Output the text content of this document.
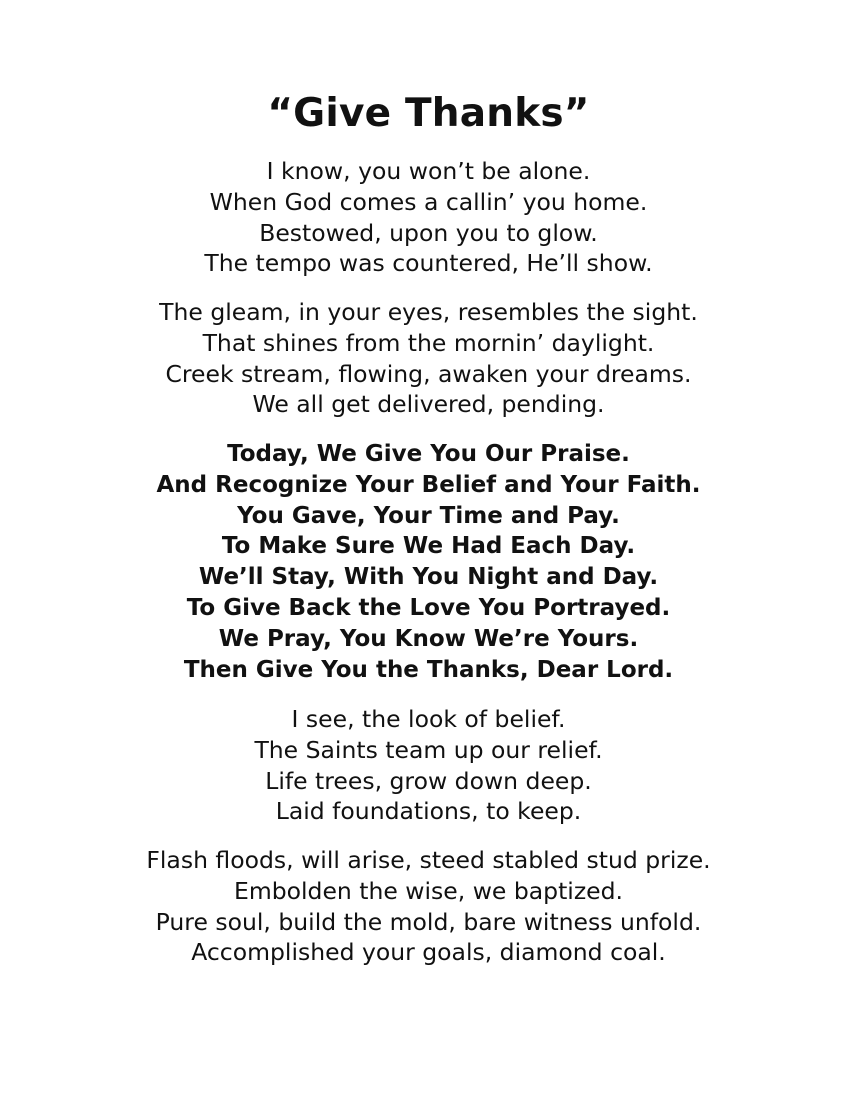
“Give Thanks”
I know, you won’t be alone.
When God comes a callin’ you home.
Bestowed, upon you to glow.
The tempo was countered, He’ll show.
The gleam, in your eyes, resembles the sight.
That shines from the mornin’ daylight.
Creek stream, flowing, awaken your dreams.
We all get delivered, pending.
Today, We Give You Our Praise.
And Recognize Your Belief and Your Faith.
You Gave, Your Time and Pay.
To Make Sure We Had Each Day.
We’ll Stay, With You Night and Day.
To Give Back the Love You Portrayed.
We Pray, You Know We’re Yours.
Then Give You the Thanks, Dear Lord.
I see, the look of belief.
The Saints team up our relief.
Life trees, grow down deep.
Laid foundations, to keep.
Flash floods, will arise, steed stabled stud prize.
Embolden the wise, we baptized.
Pure soul, build the mold, bare witness unfold.
Accomplished your goals, diamond coal.
